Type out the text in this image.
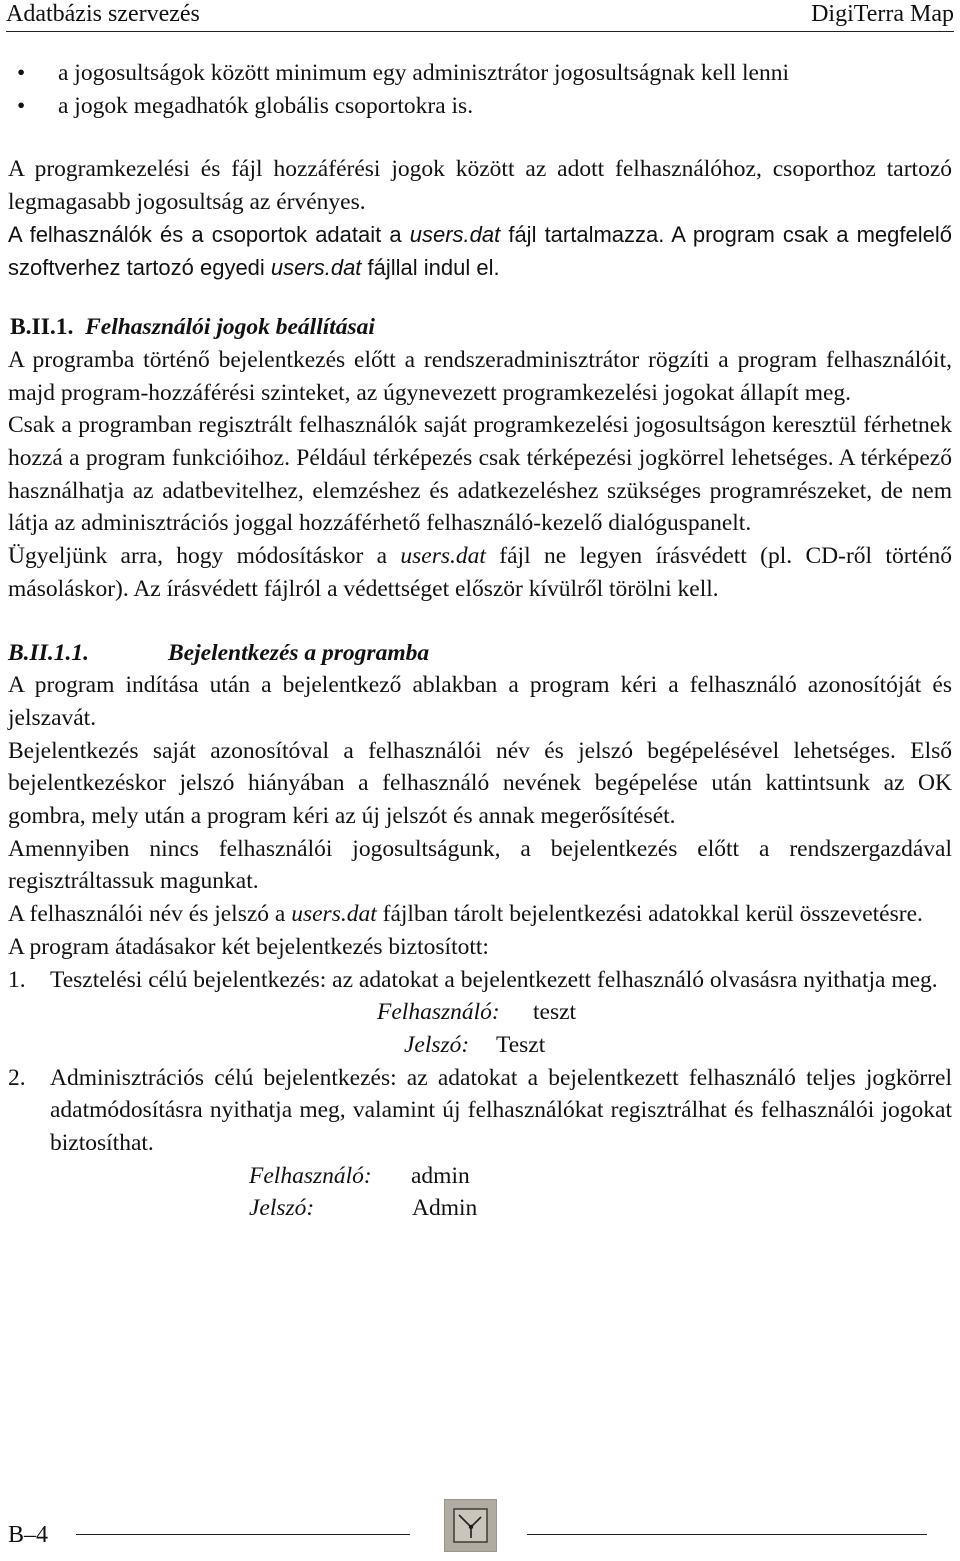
Adatbázis szervezés	DigiTerra Map

• a jogosultságok között minimum egy adminisztrátor jogosultságnak kell lenni

• a jogok megadhatók globális csoportokra is.

A programkezelési és fájl hozzáférési jogok között az adott felhasználóhoz, csoporthoz tartozó legmagasabb jogosultság az érvényes.

A felhasználók és a csoportok adatait a users.dat fájl tartalmazza. A program csak a megfelelő szoftverhez tartozó egyedi users.dat fájllal indul el.

B.II.1. Felhasználói jogok beállításai

A programba történő bejelentkezés előtt a rendszeradminisztrátor rögzíti a program felhasználóit, majd program-hozzáférési szinteket, az úgynevezett programkezelési jogokat állapít meg.

Csak a programban regisztrált felhasználók saját programkezelési jogosultságon keresztül férhetnek hozzá a program funkcióihoz. Például térképezés csak térképezési jogkörrel lehetséges. A térképező használhatja az adatbevitelhez, elemzéshez és adatkezeléshez szükséges programrészeket, de nem látja az adminisztrációs joggal hozzáférhető felhasználó-kezelő dialóguspanelt.

Ügyeljünk arra, hogy módosításkor a users.dat fájl ne legyen írásvédett (pl. CD-ről történő másoláskor). Az írásvédett fájlról a védettséget először kívülről törölni kell.

B.II.1.1.	Bejelentkezés a programba

A program indítása után a bejelentkező ablakban a program kéri a felhasználó azonosítóját és jelszavát.

Bejelentkezés saját azonosítóval a felhasználói név és jelszó begépelésével lehetséges. Első bejelentkezéskor jelszó hiányában a felhasználó nevének begépelése után kattintsunk az OK gombra, mely után a program kéri az új jelszót és annak megerősítését.

Amennyiben nincs felhasználói jogosultságunk, a bejelentkezés előtt a rendszergazdával regisztráltassuk magunkat.

A felhasználói név és jelszó a users.dat fájlban tárolt bejelentkezési adatokkal kerül összevetésre.

A program átadásakor két bejelentkezés biztosított:

1. Tesztelési célú bejelentkezés: az adatokat a bejelentkezett felhasználó olvasásra nyithatja meg.

Felhasználó: teszt
Jelszó: Teszt

2. Adminisztrációs célú bejelentkezés: az adatokat a bejelentkezett felhasználó teljes jogkörrel adatmódosításra nyithatja meg, valamint új felhasználókat regisztrálhat és felhasználói jogokat biztosíthat.

Felhasználó: admin
Jelszó:	Admin
B–4
